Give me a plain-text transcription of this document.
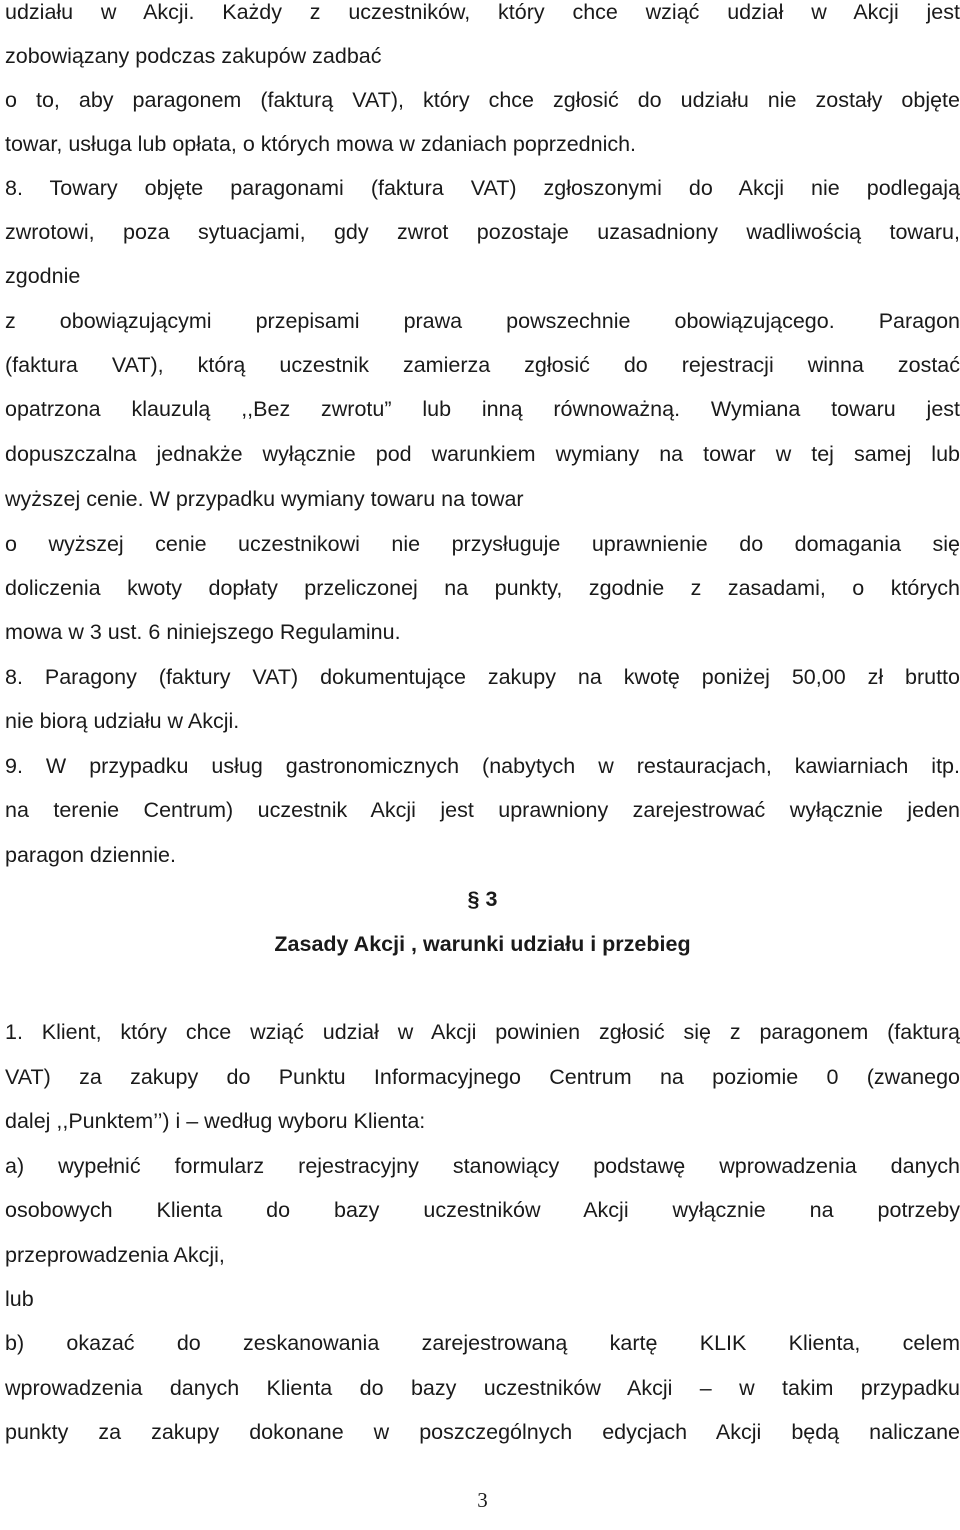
udziału w Akcji. Każdy z uczestników, który chce wziąć udział w Akcji jest
zobowiązany podczas zakupów zadbać
o to, aby paragonem (fakturą VAT), który chce zgłosić do udziału nie zostały objęte
towar, usługa lub opłata, o których mowa w zdaniach poprzednich.
8. Towary objęte paragonami (faktura VAT) zgłoszonymi do Akcji nie podlegają
zwrotowi, poza sytuacjami, gdy zwrot pozostaje uzasadniony wadliwością towaru,
zgodnie
z obowiązującymi przepisami prawa powszechnie obowiązującego. Paragon
(faktura VAT), którą uczestnik zamierza zgłosić do rejestracji winna zostać
opatrzona klauzulą ,,Bez zwrotu” lub inną równoważną. Wymiana towaru jest
dopuszczalna jednakże wyłącznie pod warunkiem wymiany na towar w tej samej lub
wyższej cenie. W przypadku wymiany towaru na towar
o wyższej cenie uczestnikowi nie przysługuje uprawnienie do domagania się
doliczenia kwoty dopłaty przeliczonej na punkty, zgodnie z zasadami, o których
mowa w 3 ust. 6 niniejszego Regulaminu.
8. Paragony (faktury VAT) dokumentujące zakupy na kwotę poniżej 50,00 zł brutto
nie biorą udziału w Akcji.
9. W przypadku usług gastronomicznych (nabytych w restauracjach, kawiarniach itp.
na terenie Centrum) uczestnik Akcji jest uprawniony zarejestrować wyłącznie jeden
paragon dziennie.
§ 3
Zasady Akcji , warunki udziału i przebieg
1. Klient, który chce wziąć udział w Akcji powinien zgłosić się z paragonem (fakturą
VAT) za zakupy do Punktu Informacyjnego Centrum na poziomie 0 (zwanego
dalej ,,Punktem’’) i – według wyboru Klienta:
a) wypełnić formularz rejestracyjny stanowiący podstawę wprowadzenia danych
osobowych Klienta do bazy uczestników Akcji wyłącznie na potrzeby
przeprowadzenia Akcji,
lub
b) okazać do zeskanowania zarejestrowaną kartę KLIK Klienta, celem
wprowadzenia danych Klienta do bazy uczestników Akcji – w takim przypadku
punkty za zakupy dokonane w poszczególnych edycjach Akcji będą naliczane
3
